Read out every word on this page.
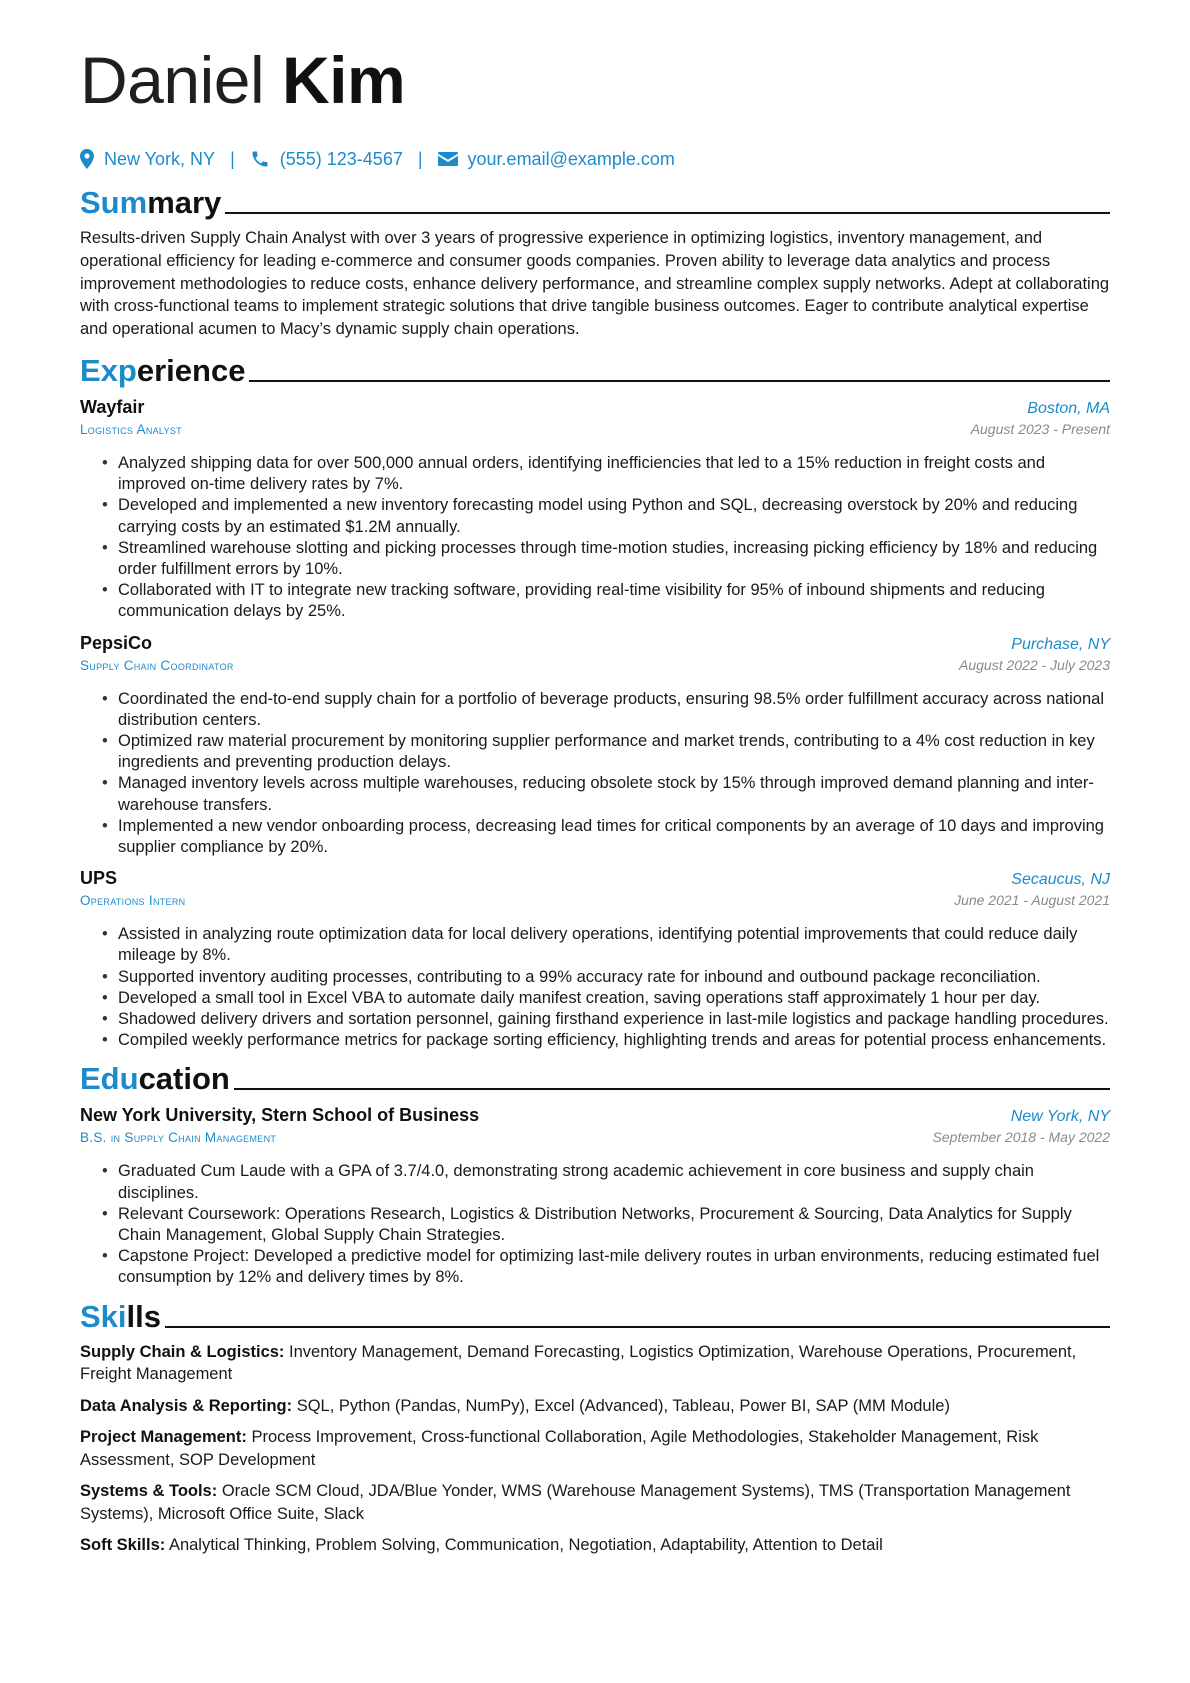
Daniel Kim
New York, NY |	(555) 123-4567 |	your.email@example.com
Summary

Results-driven Supply Chain Analyst with over 3 years of progressive experience in optimizing logistics, inventory management, and operational efficiency for leading e-commerce and consumer goods companies. Proven ability to leverage data analytics and process improvement methodologies to reduce costs, enhance delivery performance, and streamline complex supply networks. Adept at collaborating with cross-functional teams to implement strategic solutions that drive tangible business outcomes. Eager to contribute analytical expertise and operational acumen to Macy’s dynamic supply chain operations.

Experience
Wayfair	Boston, MA
Logistics Analyst	August 2023 - Present
• Analyzed shipping data for over 500,000 annual orders, identifying inefficiencies that led to a 15% reduction in freight costs and improved on-time delivery rates by 7%.
• Developed and implemented a new inventory forecasting model using Python and SQL, decreasing overstock by 20% and reducing carrying costs by an estimated $1.2M annually.
• Streamlined warehouse slotting and picking processes through time-motion studies, increasing picking efficiency by 18% and reducing order fulfillment errors by 10%.
• Collaborated with IT to integrate new tracking software, providing real-time visibility for 95% of inbound shipments and reducing communication delays by 25%.
PepsiCo	Purchase, NY
Supply Chain Coordinator	August 2022 - July 2023
• Coordinated the end-to-end supply chain for a portfolio of beverage products, ensuring 98.5% order fulfillment accuracy across national distribution centers.
• Optimized raw material procurement by monitoring supplier performance and market trends, contributing to a 4% cost reduction in key ingredients and preventing production delays.
• Managed inventory levels across multiple warehouses, reducing obsolete stock by 15% through improved demand planning and inter-warehouse transfers.
• Implemented a new vendor onboarding process, decreasing lead times for critical components by an average of 10 days and improving supplier compliance by 20%.
UPS	Secaucus, NJ
Operations Intern	June 2021 - August 2021
• Assisted in analyzing route optimization data for local delivery operations, identifying potential improvements that could reduce daily mileage by 8%.
• Supported inventory auditing processes, contributing to a 99% accuracy rate for inbound and outbound package reconciliation.
• Developed a small tool in Excel VBA to automate daily manifest creation, saving operations staff approximately 1 hour per day.
• Shadowed delivery drivers and sortation personnel, gaining firsthand experience in last-mile logistics and package handling procedures.
• Compiled weekly performance metrics for package sorting efficiency, highlighting trends and areas for potential process enhancements.
Education
New York University, Stern School of Business	New York, NY
B.S. in Supply Chain Management	September 2018 - May 2022
• Graduated Cum Laude with a GPA of 3.7/4.0, demonstrating strong academic achievement in core business and supply chain disciplines.
• Relevant Coursework: Operations Research, Logistics & Distribution Networks, Procurement & Sourcing, Data Analytics for Supply Chain Management, Global Supply Chain Strategies.
• Capstone Project: Developed a predictive model for optimizing last-mile delivery routes in urban environments, reducing estimated fuel consumption by 12% and delivery times by 8%.
Skills

Supply Chain & Logistics: Inventory Management, Demand Forecasting, Logistics Optimization, Warehouse Operations, Procurement, Freight Management

Data Analysis & Reporting: SQL, Python (Pandas, NumPy), Excel (Advanced), Tableau, Power BI, SAP (MM Module)

Project Management: Process Improvement, Cross-functional Collaboration, Agile Methodologies, Stakeholder Management, Risk Assessment, SOP Development

Systems & Tools: Oracle SCM Cloud, JDA/Blue Yonder, WMS (Warehouse Management Systems), TMS (Transportation Management Systems), Microsoft Office Suite, Slack

Soft Skills: Analytical Thinking, Problem Solving, Communication, Negotiation, Adaptability, Attention to Detail
